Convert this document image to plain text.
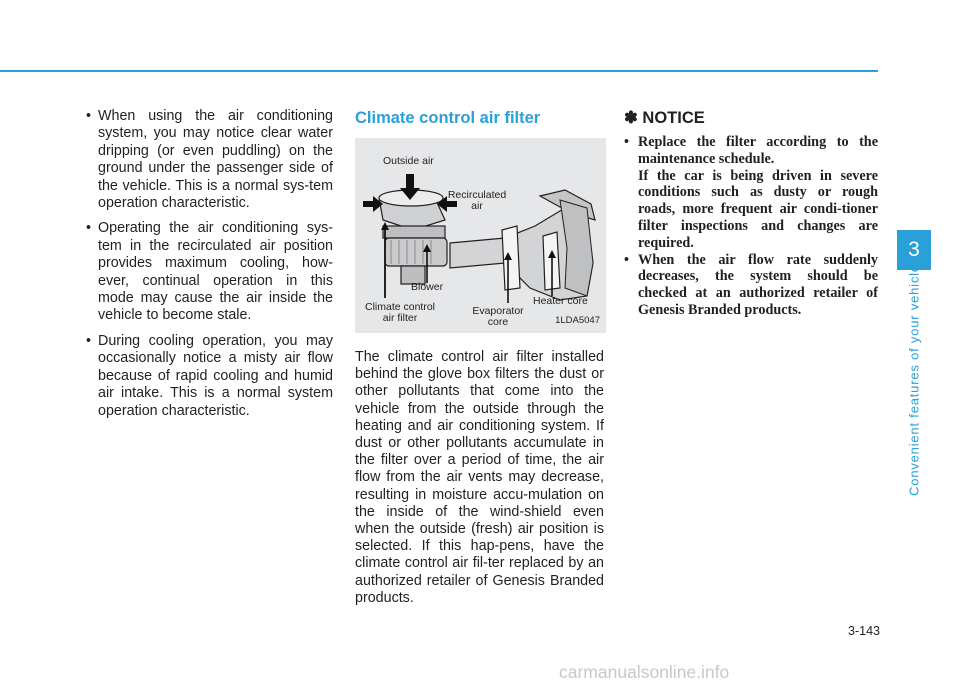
• When using the air conditioning system, you may notice clear water dripping (or even puddling) on the ground under the passenger side of the vehicle. This is a normal sys-tem operation characteristic.
• Operating the air conditioning sys-tem in the recirculated air position provides maximum cooling, how-ever, continual operation in this mode may cause the air inside the vehicle to become stale.
• During cooling operation, you may occasionally notice a misty air flow because of rapid cooling and humid air intake. This is a normal system operation characteristic.
Climate control air filter
Outside air
Recirculated
air
Blower
Climate control
air filter
Evaporator
core
Heater core
1LDA5047

The climate control air filter installed behind the glove box filters the dust or other pollutants that come into the vehicle from the outside through the heating and air conditioning system. If dust or other pollutants accumulate in the filter over a period of time, the air flow from the air vents may decrease, resulting in moisture accu-mulation on the inside of the wind-shield even when the outside (fresh) air position is selected. If this hap-pens, have the climate control air fil-ter replaced by an authorized retailer of Genesis Branded products.

✽ NOTICE
• Replace the filter according to the maintenance schedule.
If the car is being driven in severe conditions such as dusty or rough roads, more frequent air condi-tioner filter inspections and changes are required.
• When the air flow rate suddenly decreases, the system should be checked at an authorized retailer of Genesis Branded products.
3
Convenient features of your vehicle
3-143
carmanualsonline.info
